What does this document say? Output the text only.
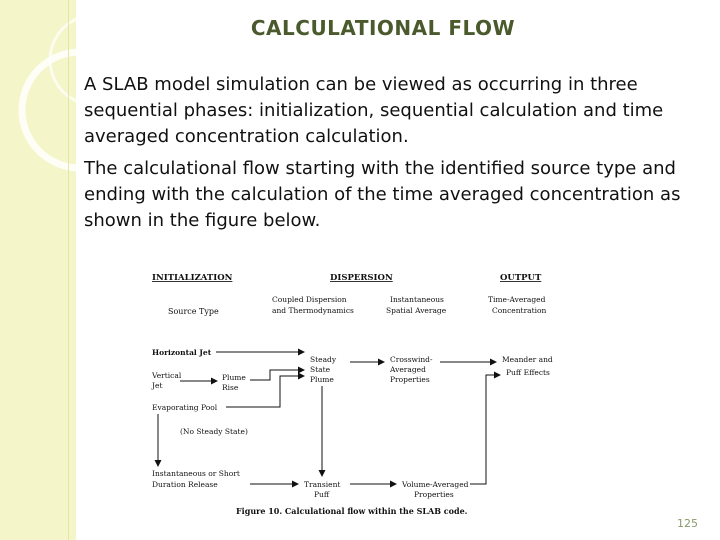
CALCULATIONAL FLOW

A SLAB model simulation can be viewed as occurring in three sequential phases: initialization, sequential calculation and time averaged concentration calculation.

The calculational flow starting with the identified source type and ending with the calculation of the time averaged concentration as shown in the figure below.

INITIALIZATION	DISPERSION	OUTPUT
Source Type
Coupled Dispersion
and Thermodynamics
Instantaneous
Spatial Average
Time-Averaged
Concentration
Horizontal Jet
Vertical
Jet
Plume
Rise
Evaporating Pool
(No Steady State)
Instantaneous or Short
Duration Release
Steady
State
Plume
Crosswind-
Averaged
Properties
Transient
Puff
Volume-Averaged
Properties
Meander and
Puff Effects
Figure 10. Calculational flow within the SLAB code.
125
